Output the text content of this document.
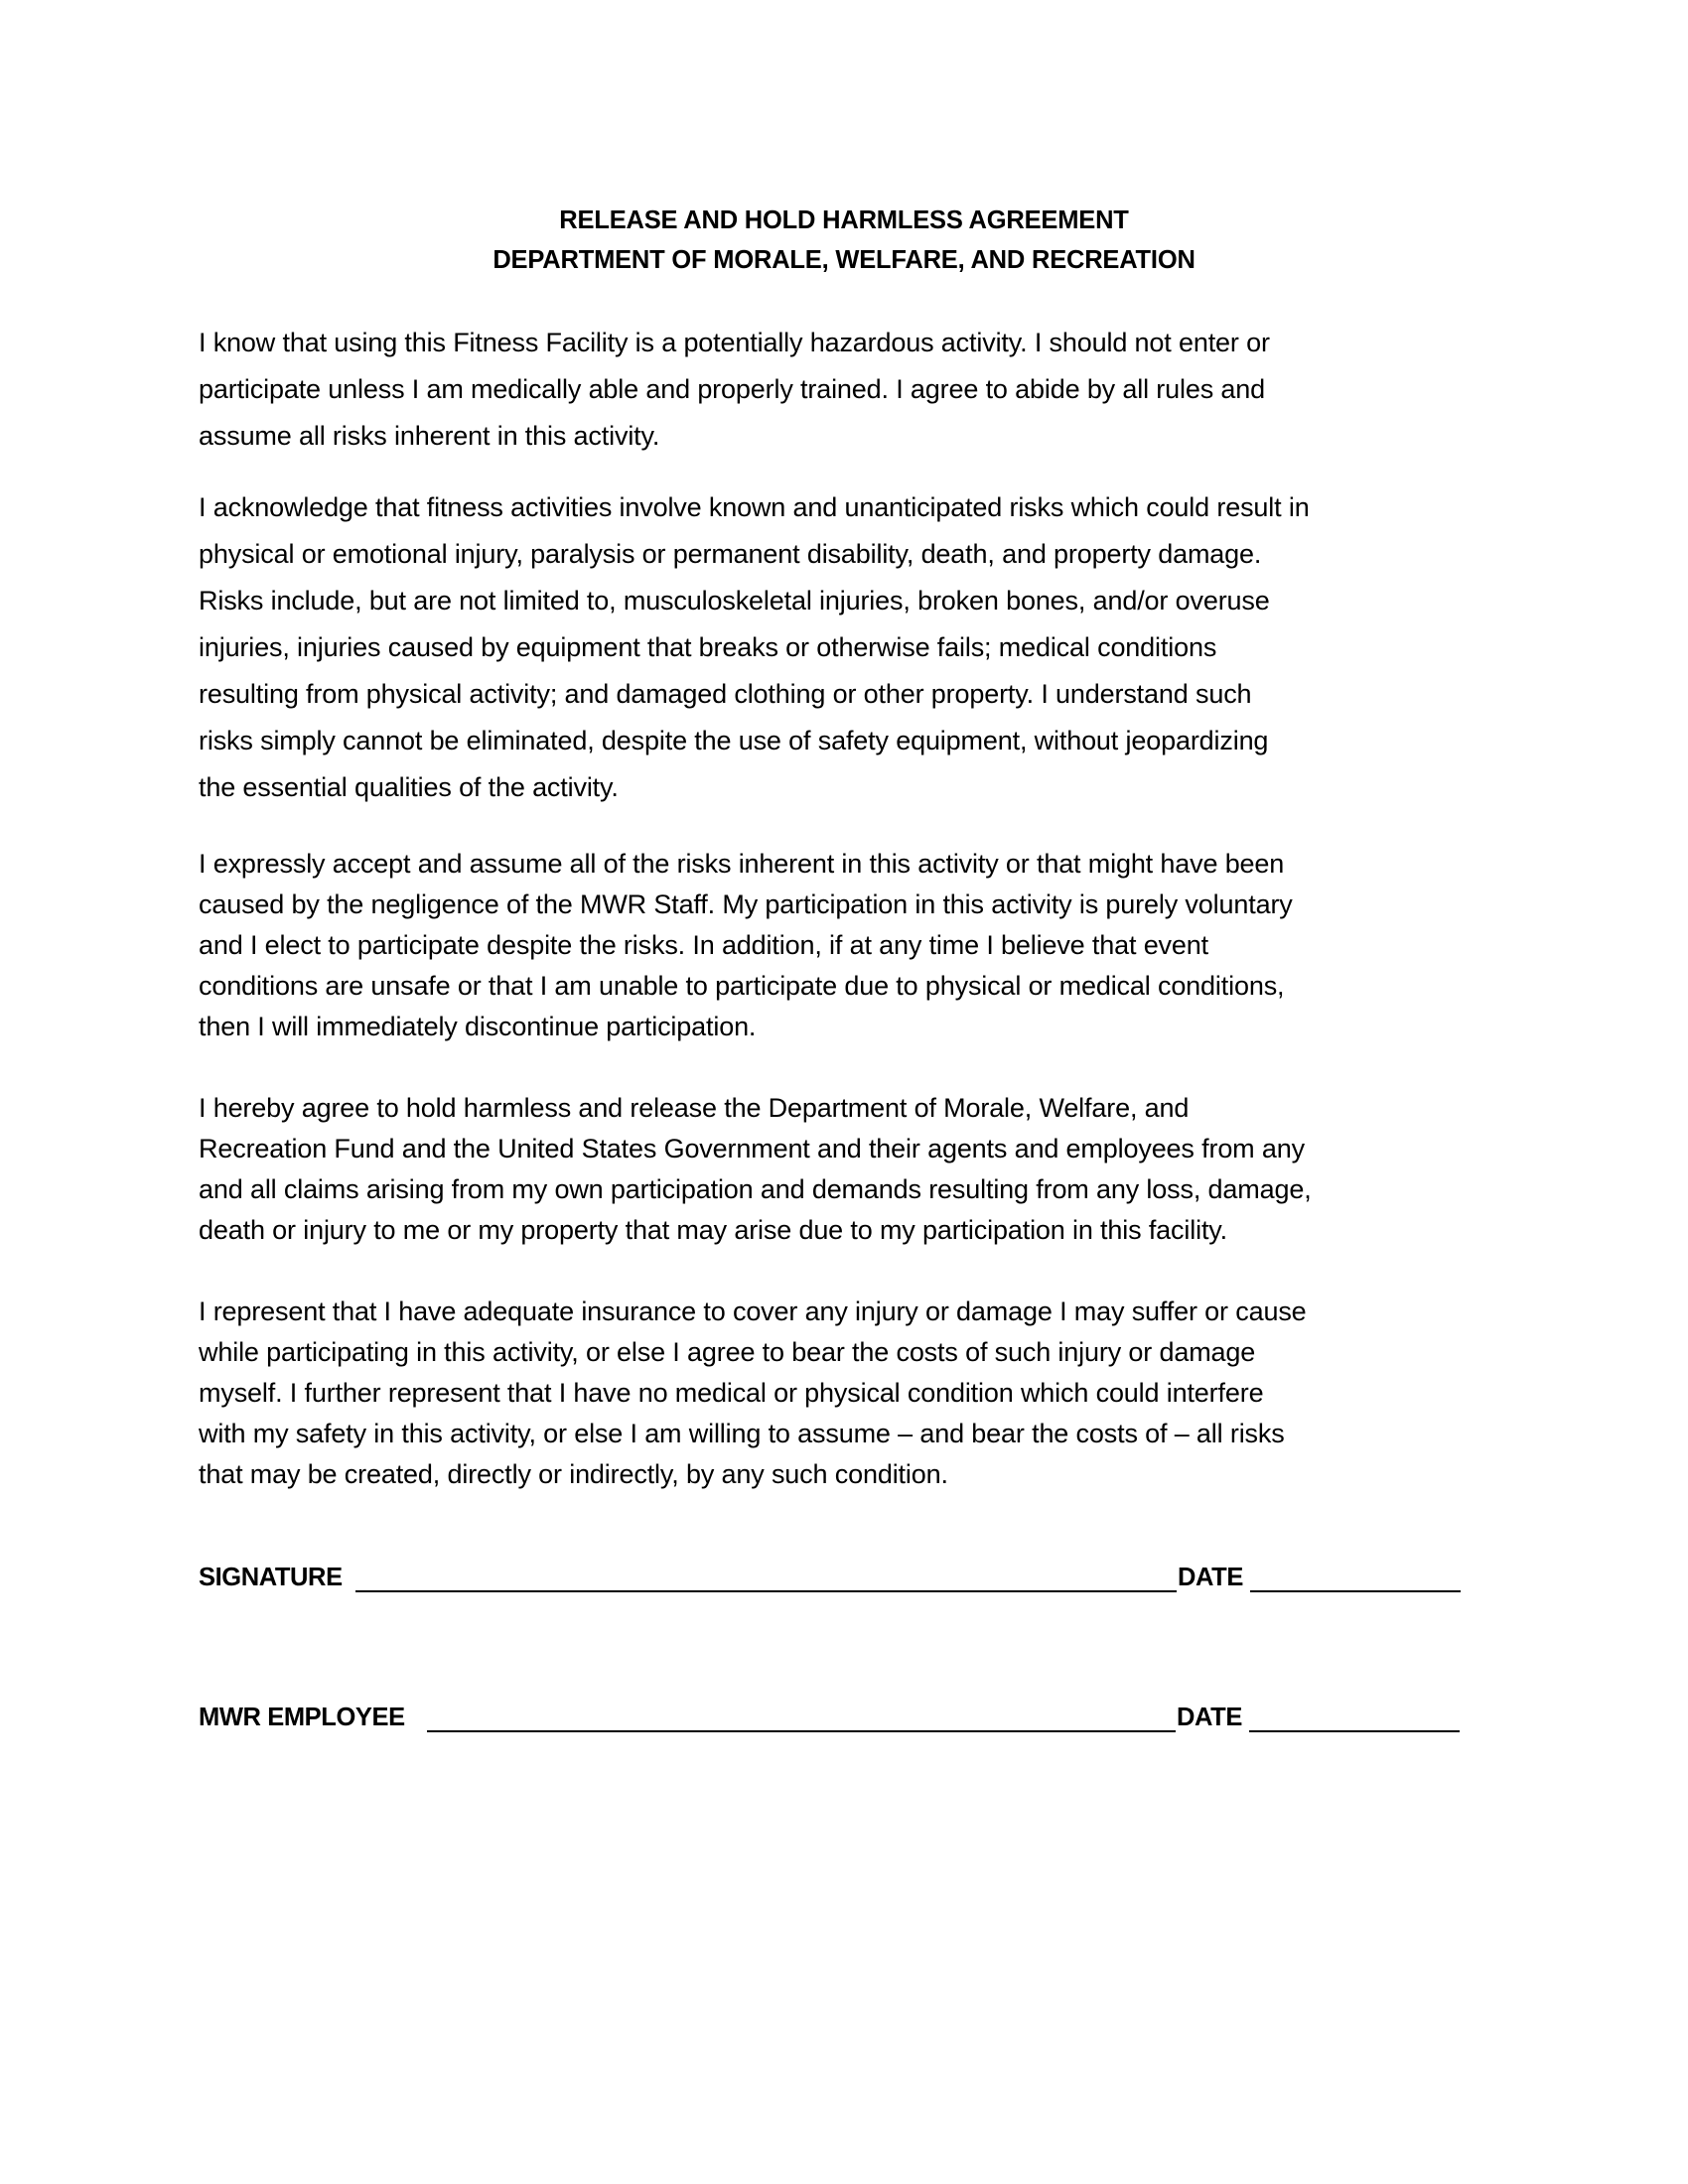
RELEASE AND HOLD HARMLESS AGREEMENT
DEPARTMENT OF MORALE, WELFARE, AND RECREATION

I know that using this Fitness Facility is a potentially hazardous activity. I should not enter or
participate unless I am medically able and properly trained. I agree to abide by all rules and
assume all risks inherent in this activity.

I acknowledge that fitness activities involve known and unanticipated risks which could result in
physical or emotional injury, paralysis or permanent disability, death, and property damage.
Risks include, but are not limited to, musculoskeletal injuries, broken bones, and/or overuse
injuries, injuries caused by equipment that breaks or otherwise fails; medical conditions
resulting from physical activity; and damaged clothing or other property. I understand such
risks simply cannot be eliminated, despite the use of safety equipment, without jeopardizing
the essential qualities of the activity.

I expressly accept and assume all of the risks inherent in this activity or that might have been
caused by the negligence of the MWR Staff. My participation in this activity is purely voluntary
and I elect to participate despite the risks. In addition, if at any time I believe that event
conditions are unsafe or that I am unable to participate due to physical or medical conditions,
then I will immediately discontinue participation.

I hereby agree to hold harmless and release the Department of Morale, Welfare, and
Recreation Fund and the United States Government and their agents and employees from any
and all claims arising from my own participation and demands resulting from any loss, damage,
death or injury to me or my property that may arise due to my participation in this facility.

I represent that I have adequate insurance to cover any injury or damage I may suffer or cause
while participating in this activity, or else I agree to bear the costs of such injury or damage
myself. I further represent that I have no medical or physical condition which could interfere
with my safety in this activity, or else I am willing to assume – and bear the costs of – all risks
that may be created, directly or indirectly, by any such condition.

SIGNATURE	DATE
MWR EMPLOYEE	DATE
